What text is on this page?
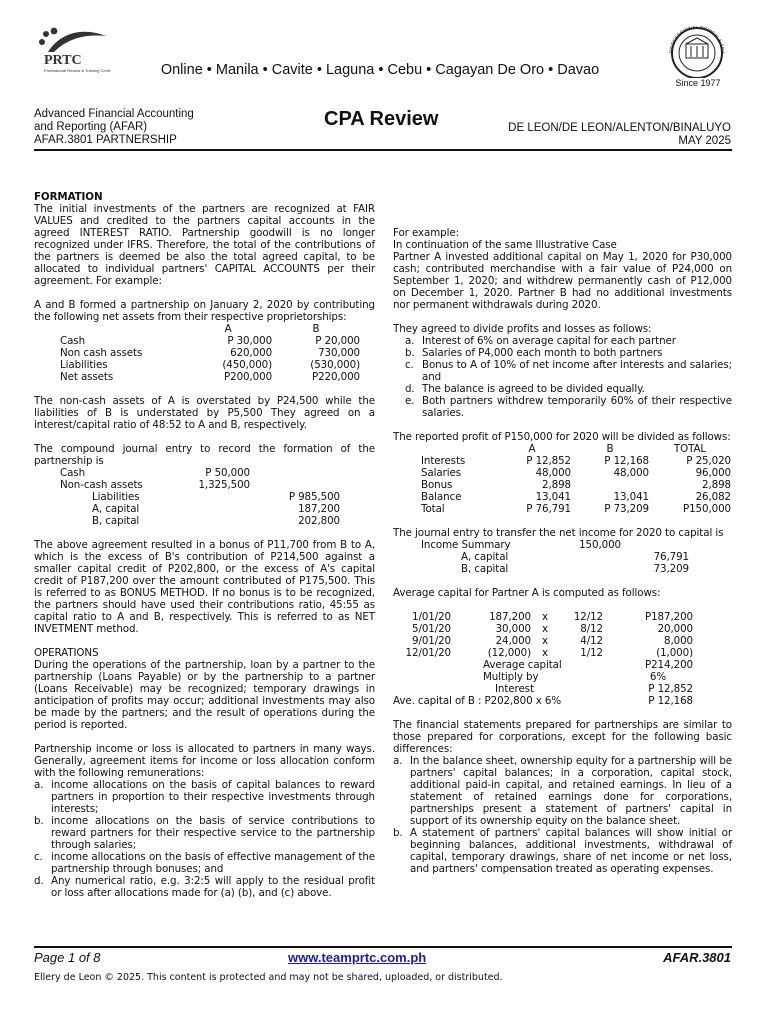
PRTC
Professional Review & Training Center	Online • Manila • Cavite • Laguna • Cebu • Cagayan De Oro • Davao
PROFESSIONAL REVIEW & TRA
Since 1977
Advanced Financial Accounting
and Reporting (AFAR)
AFAR.3801 PARTNERSHIP
CPA Review	DE LEON/DE LEON/ALENTON/BINALUYO
MAY 2025

FORMATION

The initial investments of the partners are recognized at FAIR VALUES and credited to the partners capital accounts in the agreed INTEREST RATIO. Partnership goodwill is no longer recognized under IFRS. Therefore, the total of the contributions of the partners is deemed be also the total agreed capital, to be allocated to individual partners' CAPITAL ACCOUNTS per their agreement. For example:

A and B formed a partnership on January 2, 2020 by contributing the following net assets from their respective proprietorships:

	A	B
Cash	P 30,000	P 20,000
Non cash assets	620,000	730,000
Liabilities	(450,000)	(530,000)
Net assets	P200,000	P220,000

The non-cash assets of A is overstated by P24,500 while the liabilities of B is understated by P5,500 They agreed on a interest/capital ratio of 48:52 to A and B, respectively.

The compound journal entry to record the formation of the partnership is

Cash	P 50,000	
Non-cash assets	1,325,500	
Liabilities		P 985,500
A, capital		187,200
B, capital		202,800

The above agreement resulted in a bonus of P11,700 from B to A, which is the excess of B's contribution of P214,500 against a smaller capital credit of P202,800, or the excess of A's capital credit of P187,200 over the amount contributed of P175,500. This is referred to as BONUS METHOD. If no bonus is to be recognized, the partners should have used their contributions ratio, 45:55 as capital ratio to A and B, respectively. This is referred to as NET INVETMENT method.

OPERATIONS

During the operations of the partnership, loan by a partner to the partnership (Loans Payable) or by the partnership to a partner (Loans Receivable) may be recognized; temporary drawings in anticipation of profits may occur; additional investments may also be made by the partners; and the result of operations during the period is reported.

Partnership income or loss is allocated to partners in many ways. Generally, agreement items for income or loss allocation conform with the following remunerations:

a. income allocations on the basis of capital balances to reward partners in proportion to their respective investments through interests;
b. income allocations on the basis of service contributions to reward partners for their respective service to the partnership through salaries;
c. income allocations on the basis of effective management of the partnership through bonuses; and
d. Any numerical ratio, e.g. 3:2:5 will apply to the residual profit or loss after allocations made for (a) (b), and (c) above.

For example:

In continuation of the same Illustrative Case

Partner A invested additional capital on May 1, 2020 for P30,000 cash; contributed merchandise with a fair value of P24,000 on September 1, 2020; and withdrew permanently cash of P12,000 on December 1, 2020. Partner B had no additional investments nor permanent withdrawals during 2020.

They agreed to divide profits and losses as follows:

a. Interest of 6% on average capital for each partner
b. Salaries of P4,000 each month to both partners
c. Bonus to A of 10% of net income after interests and salaries; and
d. The balance is agreed to be divided equally.
e. Both partners withdrew temporarily 60% of their respective salaries.

The reported profit of P150,000 for 2020 will be divided as follows:

	A	B	TOTAL
Interests	P 12,852	P 12,168	P 25,020
Salaries	48,000	48,000	96,000
Bonus	2,898		2,898
Balance	13,041	13,041	26,082
Total	P 76,791	P 73,209	P150,000

The journal entry to transfer the net income for 2020 to capital is

Income Summary	150,000	
A, capital		76,791
B, capital		73,209

Average capital for Partner A is computed as follows:

1/01/20	187,200	x	12/12	P187,200
5/01/20	30,000	x	8/12	20,000
9/01/20	24,000	x	4/12	8,000
12/01/20	(12,000)	x	1/12	(1,000)
	Average capital			P214,200
	Multiply by			6%
	Interest			P 12,852
Ave. capital of B : P202,800 x 6%	P 12,168

The financial statements prepared for partnerships are similar to those prepared for corporations, except for the following basic differences:

a. In the balance sheet, ownership equity for a partnership will be partners' capital balances; in a corporation, capital stock, additional paid-in capital, and retained earnings. In lieu of a statement of retained earnings done for corporations, partnerships present a statement of partners' capital in support of its ownership equity on the balance sheet.
b. A statement of partners' capital balances will show initial or beginning balances, additional investments, withdrawal of capital, temporary drawings, share of net income or net loss, and partners' compensation treated as operating expenses.
Page 1 of 8	www.teamprtc.com.ph	AFAR.3801
Ellery de Leon © 2025. This content is protected and may not be shared, uploaded, or distributed.
